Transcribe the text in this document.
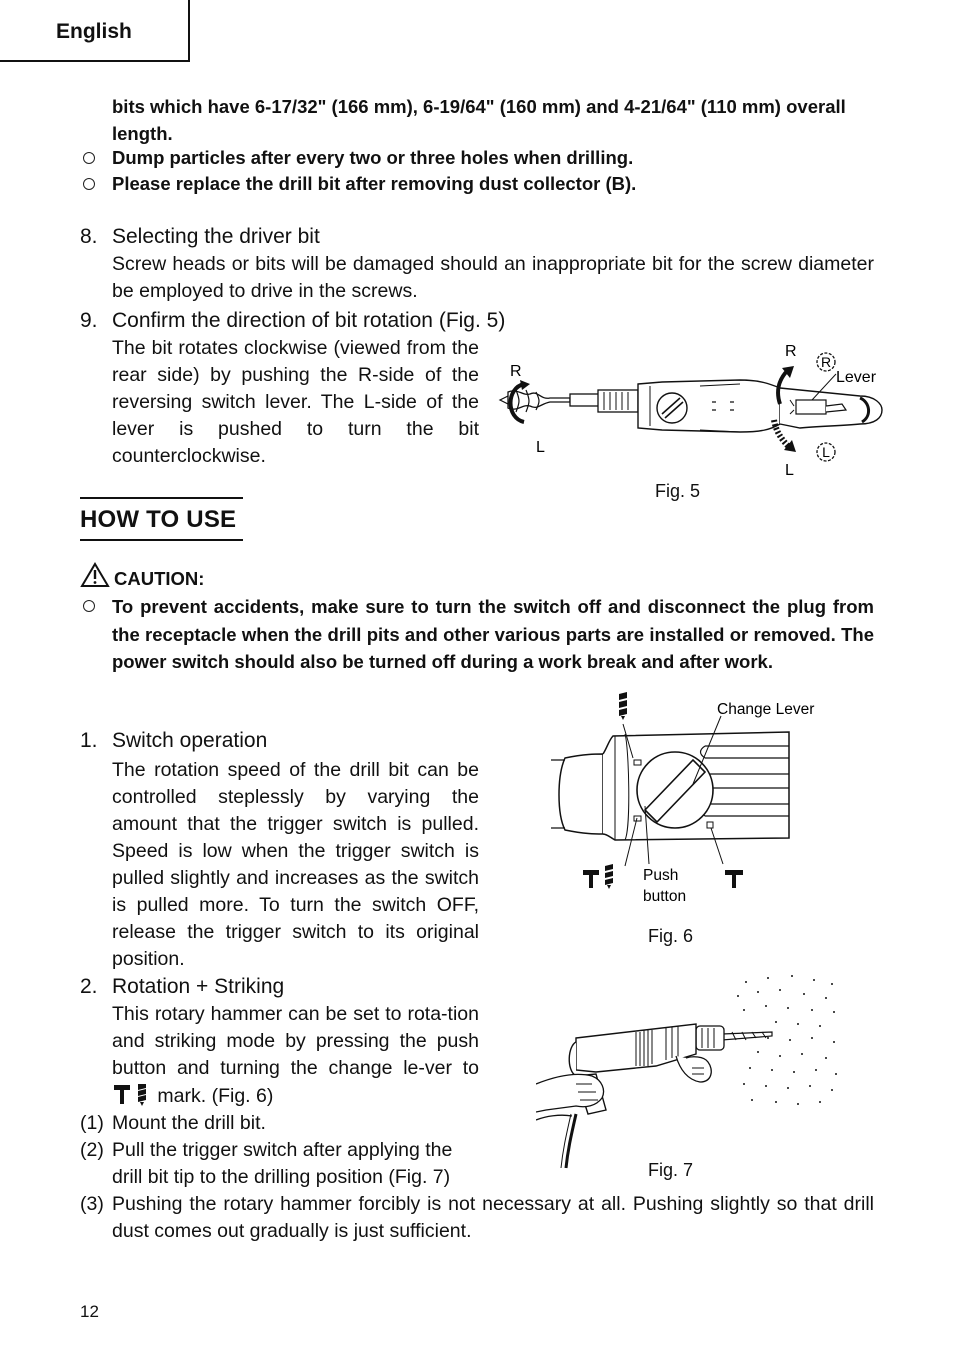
English
bits which have 6-17/32" (166 mm), 6-19/64" (160 mm) and 4-21/64" (110 mm) overall length.
Dump particles after every two or three holes when drilling.
Please replace the drill bit after removing dust collector (B).
8. Selecting the driver bit
Screw heads or bits will be damaged should an inappropriate bit for the screw diameter be employed to drive in the screws.
9. Confirm the direction of bit rotation (Fig. 5)
The bit rotates clockwise (viewed from the rear side) by pushing the R-side of the reversing switch lever. The L-side of the lever is pushed to turn the bit counterclockwise.
R
L
R
L
R
L
Lever
Fig. 5
HOW TO USE
CAUTION:
To prevent accidents, make sure to turn the switch off and disconnect the plug from the receptacle when the drill pits and other various parts are installed or removed. The power switch should also be turned off during a work break and after work.
1. Switch operation
The rotation speed of the drill bit can be controlled steplessly by varying the amount that the trigger switch is pulled. Speed is low when the trigger switch is pulled slightly and increases as the switch is pulled more. To turn the switch OFF, release the trigger switch to its original position.
2. Rotation + Striking
This rotary hammer can be set to rota-tion and striking mode by pressing the push button and turning the change le-ver to  mark. (Fig. 6)
(1) Mount the drill bit.
(2) Pull the trigger switch after applying the drill bit tip to the drilling position (Fig. 7)
(3) Pushing the rotary hammer forcibly is not necessary at all. Pushing slightly so that drill dust comes out gradually is just sufficient.
Change Lever
Push
button
Fig. 6
Fig. 7
12
